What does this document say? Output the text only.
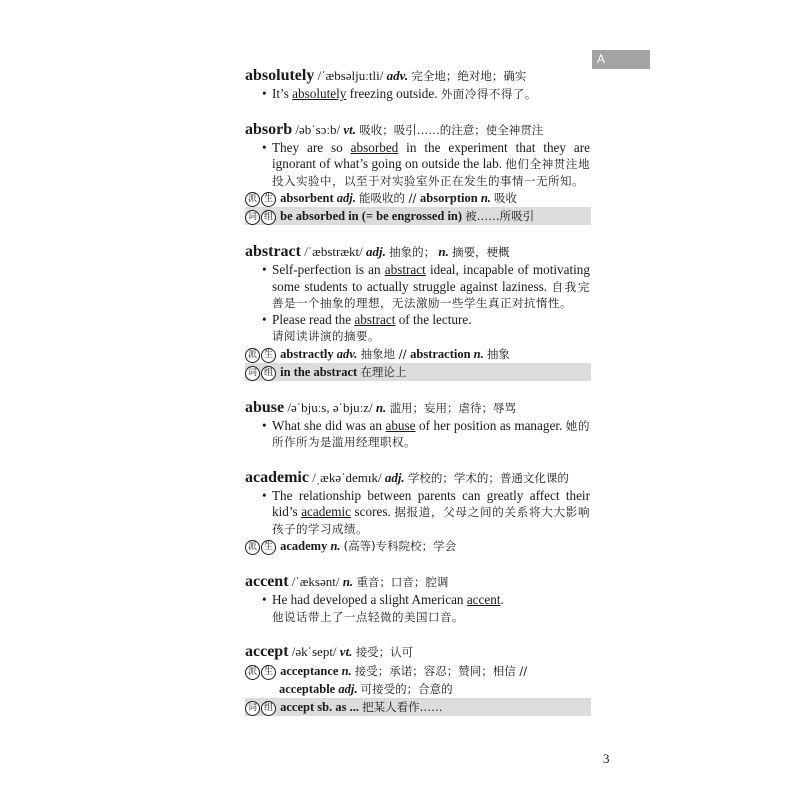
A
absolutely /ˈæbsəljuːtli/ adv. 完全地；绝对地；确实
• It’s absolutely freezing outside. 外面冷得不得了。
absorb /əbˈsɔːb/ vt. 吸收；吸引……的注意；使全神贯注
• They are so absorbed in the experiment that they are ignorant of what’s going on outside the lab. 他们全神贯注地投入实验中，以至于对实验室外正在发生的事情一无所知。
派 生 absorbent adj. 能吸收的 // absorption n. 吸收
词 组 be absorbed in (= be engrossed in) 被……所吸引
abstract /ˈæbstrækt/ adj. 抽象的； n. 摘要，梗概
• Self-perfection is an abstract ideal, incapable of motivating some students to actually struggle against laziness. 自我完善是一个抽象的理想，无法激励一些学生真正对抗惰性。
• Please read the abstract of the lecture.
请阅读讲演的摘要。
派 生 abstractly adv. 抽象地 // abstraction n. 抽象
词 组 in the abstract 在理论上
abuse /əˈbjuːs, əˈbjuːz/ n. 滥用；妄用；虐待；辱骂
• What she did was an abuse of her position as manager. 她的所作所为是滥用经理职权。
academic /ˌækəˈdemɪk/ adj. 学校的；学术的；普通文化课的
• The relationship between parents can greatly affect their kid’s academic scores. 据报道，父母之间的关系将大大影响孩子的学习成绩。
派 生 academy n. (高等)专科院校；学会
accent /ˈæksənt/ n. 重音；口音；腔调
• He had developed a slight American accent.
他说话带上了一点轻微的美国口音。
accept /əkˈsept/ vt. 接受；认可
派 生 acceptance n. 接受；承诺；容忍；赞同；相信 //
acceptable adj. 可接受的；合意的
词 组 accept sb. as ... 把某人看作……
3
